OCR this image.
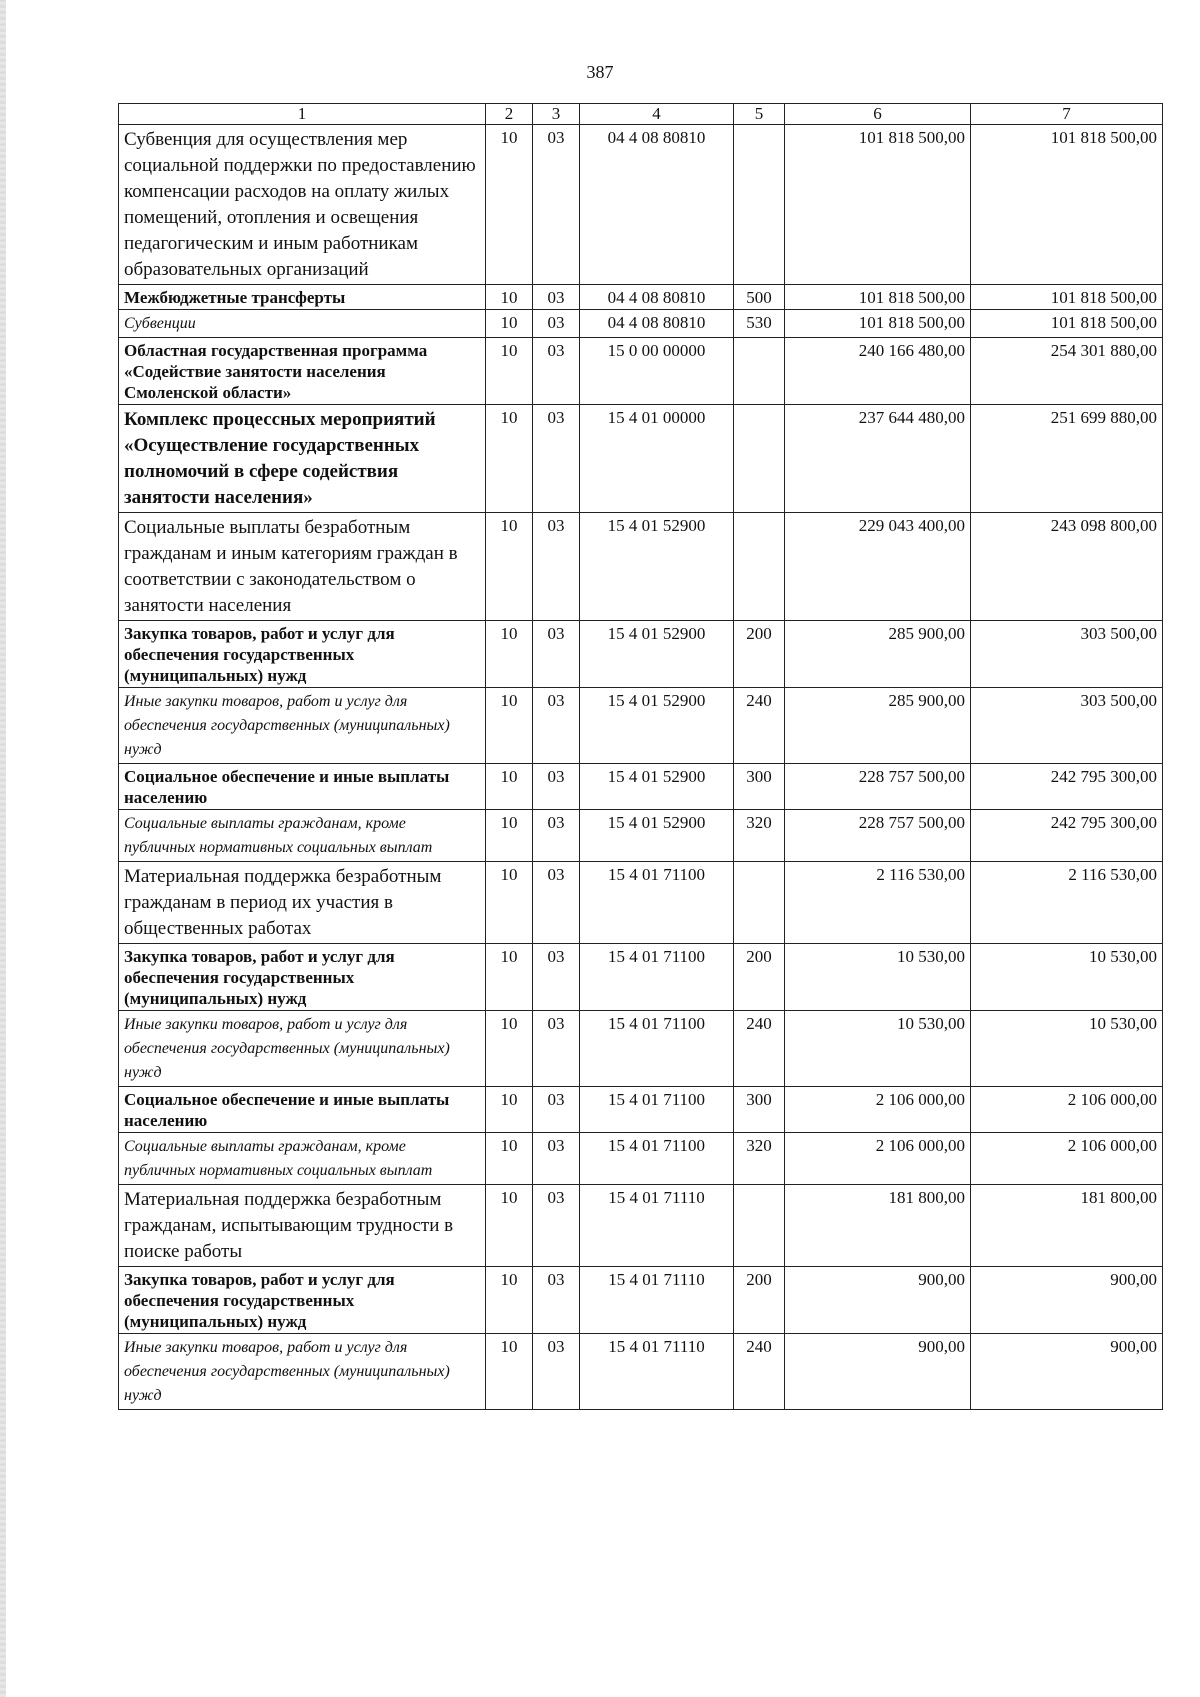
387
1	2	3	4	5	6	7
Субвенция для осуществления мер социальной поддержки по предоставлению компенсации расходов на оплату жилых помещений, отопления и освещения педагогическим и иным работникам образовательных организаций	10	03	04 4 08 80810		101 818 500,00	101 818 500,00
Межбюджетные трансферты	10	03	04 4 08 80810	500	101 818 500,00	101 818 500,00
Субвенции	10	03	04 4 08 80810	530	101 818 500,00	101 818 500,00
Областная государственная программа «Содействие занятости населения Смоленской области»	10	03	15 0 00 00000		240 166 480,00	254 301 880,00
Комплекс процессных мероприятий «Осуществление государственных полномочий в сфере содействия занятости населения»	10	03	15 4 01 00000		237 644 480,00	251 699 880,00
Социальные выплаты безработным гражданам и иным категориям граждан в соответствии с законодательством о занятости населения	10	03	15 4 01 52900		229 043 400,00	243 098 800,00
Закупка товаров, работ и услуг для обеспечения государственных (муниципальных) нужд	10	03	15 4 01 52900	200	285 900,00	303 500,00
Иные закупки товаров, работ и услуг для обеспечения государственных (муниципальных) нужд	10	03	15 4 01 52900	240	285 900,00	303 500,00
Социальное обеспечение и иные выплаты населению	10	03	15 4 01 52900	300	228 757 500,00	242 795 300,00
Социальные выплаты гражданам, кроме публичных нормативных социальных выплат	10	03	15 4 01 52900	320	228 757 500,00	242 795 300,00
Материальная поддержка безработным гражданам в период их участия в общественных работах	10	03	15 4 01 71100		2 116 530,00	2 116 530,00
Закупка товаров, работ и услуг для обеспечения государственных (муниципальных) нужд	10	03	15 4 01 71100	200	10 530,00	10 530,00
Иные закупки товаров, работ и услуг для обеспечения государственных (муниципальных) нужд	10	03	15 4 01 71100	240	10 530,00	10 530,00
Социальное обеспечение и иные выплаты населению	10	03	15 4 01 71100	300	2 106 000,00	2 106 000,00
Социальные выплаты гражданам, кроме публичных нормативных социальных выплат	10	03	15 4 01 71100	320	2 106 000,00	2 106 000,00
Материальная поддержка безработным гражданам, испытывающим трудности в поиске работы	10	03	15 4 01 71110		181 800,00	181 800,00
Закупка товаров, работ и услуг для обеспечения государственных (муниципальных) нужд	10	03	15 4 01 71110	200	900,00	900,00
Иные закупки товаров, работ и услуг для обеспечения государственных (муниципальных) нужд	10	03	15 4 01 71110	240	900,00	900,00
